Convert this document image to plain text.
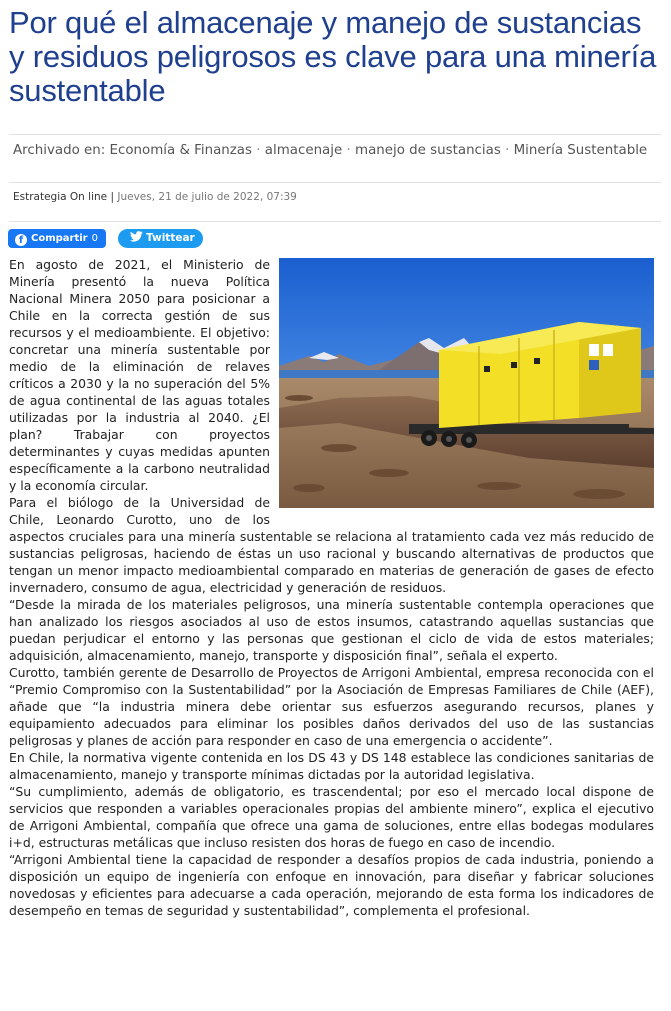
Por qué el almacenaje y manejo de sustancias y residuos peligrosos es clave para una minería sustentable
Archivado en: Economía & Finanzas · almacenaje · manejo de sustancias · Minería Sustentable
Estrategia On line | Jueves, 21 de julio de 2022, 07:39
f Compartir 0	Twittear

En agosto de 2021, el Ministerio de Minería presentó la nueva Política Nacional Minera 2050 para posicionar a Chile en la correcta gestión de sus recursos y el medioambiente. El objetivo: concretar una minería sustentable por medio de la eliminación de relaves críticos a 2030 y la no superación del 5% de agua continental de las aguas totales utilizadas por la industria al 2040. ¿El plan? Trabajar con proyectos determinantes y cuyas medidas apunten específicamente a la carbono neutralidad y la economía circular.

Para el biólogo de la Universidad de Chile, Leonardo Curotto, uno de los aspectos cruciales para una minería sustentable se relaciona al tratamiento cada vez más reducido de sustancias peligrosas, haciendo de éstas un uso racional y buscando alternativas de productos que tengan un menor impacto medioambiental comparado en materias de generación de gases de efecto invernadero, consumo de agua, electricidad y generación de residuos.

“Desde la mirada de los materiales peligrosos, una minería sustentable contempla operaciones que han analizado los riesgos asociados al uso de estos insumos, catastrando aquellas sustancias que puedan perjudicar el entorno y las personas que gestionan el ciclo de vida de estos materiales; adquisición, almacenamiento, manejo, transporte y disposición final”, señala el experto.

Curotto, también gerente de Desarrollo de Proyectos de Arrigoni Ambiental, empresa reconocida con el “Premio Compromiso con la Sustentabilidad” por la Asociación de Empresas Familiares de Chile (AEF), añade que “la industria minera debe orientar sus esfuerzos asegurando recursos, planes y equipamiento adecuados para eliminar los posibles daños derivados del uso de las sustancias peligrosas y planes de acción para responder en caso de una emergencia o accidente”.

En Chile, la normativa vigente contenida en los DS 43 y DS 148 establece las condiciones sanitarias de almacenamiento, manejo y transporte mínimas dictadas por la autoridad legislativa.

“Su cumplimiento, además de obligatorio, es trascendental; por eso el mercado local dispone de servicios que responden a variables operacionales propias del ambiente minero”, explica el ejecutivo de Arrigoni Ambiental, compañía que ofrece una gama de soluciones, entre ellas bodegas modulares i+d, estructuras metálicas que incluso resisten dos horas de fuego en caso de incendio.

“Arrigoni Ambiental tiene la capacidad de responder a desafíos propios de cada industria, poniendo a disposición un equipo de ingeniería con enfoque en innovación, para diseñar y fabricar soluciones novedosas y eficientes para adecuarse a cada operación, mejorando de esta forma los indicadores de desempeño en temas de seguridad y sustentabilidad”, complementa el profesional.
